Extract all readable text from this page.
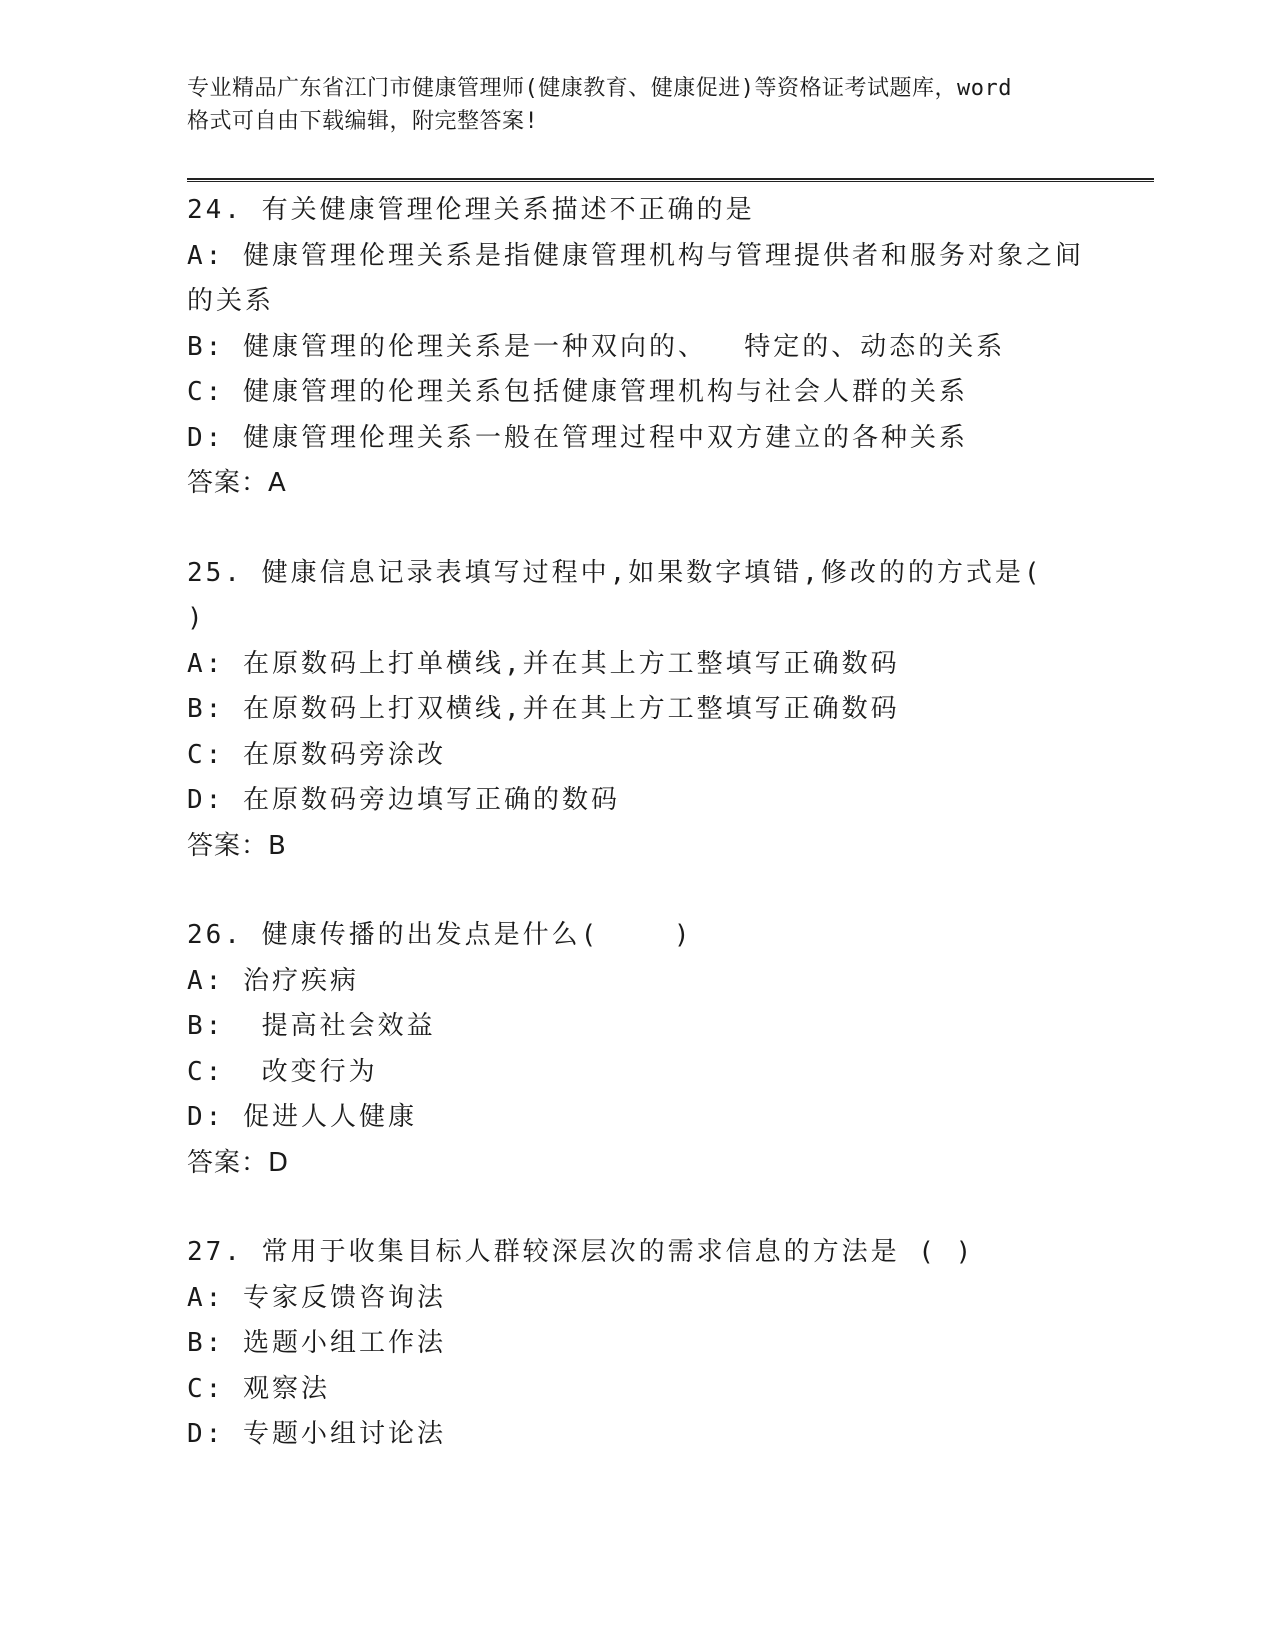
专业精品广东省江门市健康管理师(健康教育、健康促进)等资格证考试题库，word
格式可自由下载编辑，附完整答案!
24. 有关健康管理伦理关系描述不正确的是
A: 健康管理伦理关系是指健康管理机构与管理提供者和服务对象之间
的关系
B: 健康管理的伦理关系是一种双向的、  特定的、动态的关系
C: 健康管理的伦理关系包括健康管理机构与社会人群的关系
D: 健康管理伦理关系一般在管理过程中双方建立的各种关系
答案：A
25. 健康信息记录表填写过程中,如果数字填错,修改的的方式是(
)
A: 在原数码上打单横线,并在其上方工整填写正确数码
B: 在原数码上打双横线,并在其上方工整填写正确数码
C: 在原数码旁涂改
D: 在原数码旁边填写正确的数码
答案：B
26. 健康传播的出发点是什么(    )
A: 治疗疾病
B:  提高社会效益
C:  改变行为
D: 促进人人健康
答案：D
27. 常用于收集目标人群较深层次的需求信息的方法是 ( )
A: 专家反馈咨询法
B: 选题小组工作法
C: 观察法
D: 专题小组讨论法
